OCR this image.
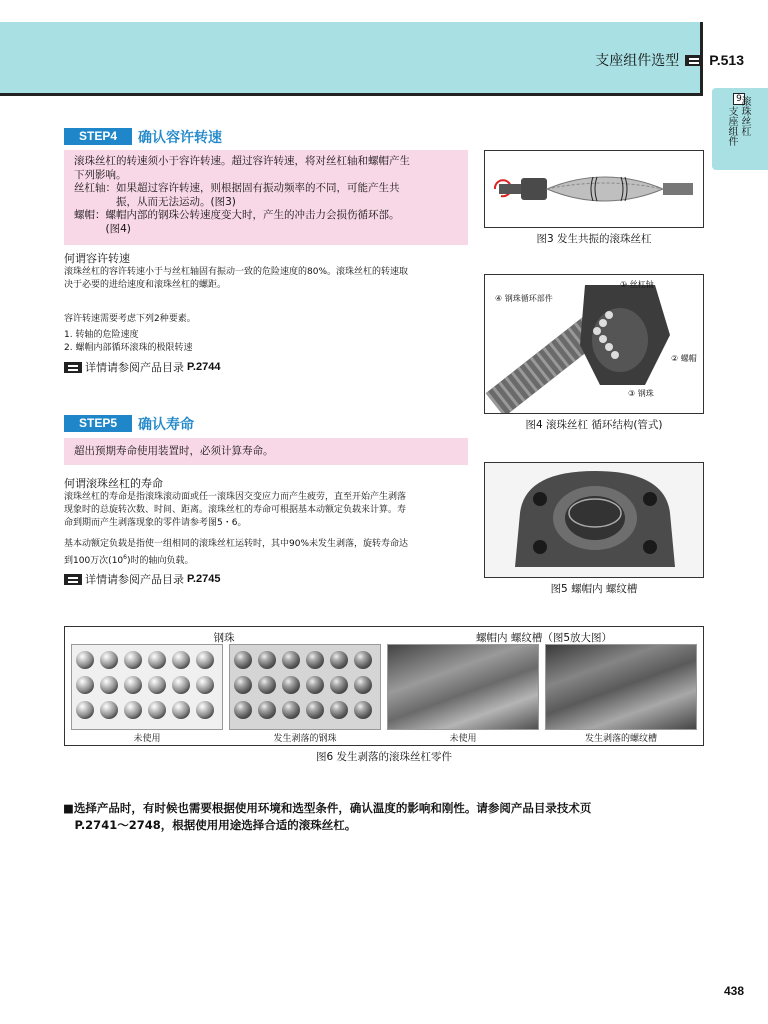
支座组件选型 P.513
9
支座组件
滚珠丝杠
STEP4	确认容许转速
滚珠丝杠的转速须小于容许转速。超过容许转速，将对丝杠轴和螺帽产生
下列影响。
丝杠轴：如果超过容许转速，则根据固有振动频率的不同，可能产生共
　　　　振，从而无法运动。(图3)
螺帽：螺帽内部的钢珠公转速度变大时，产生的冲击力会损伤循环部。
　　　(图4)
何谓容许转速
滚珠丝杠的容许转速小于与丝杠轴固有振动一致的危险速度的80%。滚珠丝杠的转速取
决于必要的进给速度和滚珠丝杠的螺距。
容许转速需要考虑下列2种要素。
1. 转轴的危险速度
2. 螺帽内部循环滚珠的极限转速
详情请参阅产品目录 P.2744
STEP5	确认寿命
超出预期寿命使用装置时，必须计算寿命。
何谓滚珠丝杠的寿命
滚珠丝杠的寿命是指滚珠滚动面或任一滚珠因交变应力而产生疲劳，直至开始产生剥落
现象时的总旋转次数、时间、距离。滚珠丝杠的寿命可根据基本动额定负载来计算。寿
命到期而产生剥落现象的零件请参考图5・6。
基本动额定负载是指使一组相同的滚珠丝杠运转时，其中90%未发生剥落，旋转寿命达
到100万次$(10^6)$时的轴向负载。
详情请参阅产品目录 P.2745
图3 发生共振的滚珠丝杠
① 丝杠轴
④ 钢珠循环部件
② 螺帽
③ 钢珠
图4 滚珠丝杠 循环结构(管式)
图5 螺帽内 螺纹槽
钢珠	螺帽内 螺纹槽（图5放大图）
未使用	发生剥落的钢珠	未使用	发生剥落的螺纹槽
图6 发生剥落的滚珠丝杠零件
■选择产品时，有时候也需要根据使用环境和选型条件，确认温度的影响和刚性。请参阅产品目录技术页
　P.2741～2748，根据使用用途选择合适的滚珠丝杠。
438
